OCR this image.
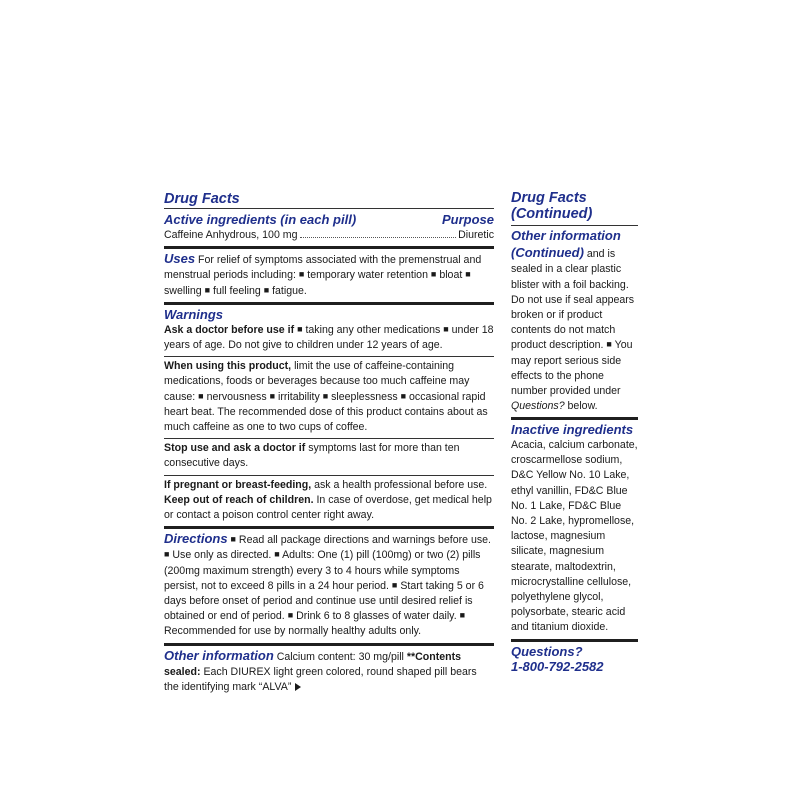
Drug Facts
Active ingredients (in each pill)	Purpose
Caffeine Anhydrous, 100 mg	Diuretic
Uses For relief of symptoms associated with the premenstrual and menstrual periods including: ■ temporary water retention ■ bloat ■ swelling ■ full feeling ■ fatigue.
Warnings
Ask a doctor before use if ■ taking any other medications ■ under 18 years of age. Do not give to children under 12 years of age.
When using this product, limit the use of caffeine-containing medications, foods or beverages because too much caffeine may cause: ■ nervousness ■ irritability ■ sleeplessness ■ occasional rapid heart beat. The recommended dose of this product contains about as much caffeine as one to two cups of coffee.
Stop use and ask a doctor if symptoms last for more than ten consecutive days.
If pregnant or breast-feeding, ask a health professional before use.
Keep out of reach of children. In case of overdose, get medical help or contact a poison control center right away.
Directions ■ Read all package directions and warnings before use. ■ Use only as directed. ■ Adults: One (1) pill (100mg) or two (2) pills (200mg maximum strength) every 3 to 4 hours while symptoms persist, not to exceed 8 pills in a 24 hour period. ■ Start taking 5 or 6 days before onset of period and continue use until desired relief is obtained or end of period. ■ Drink 6 to 8 glasses of water daily. ■ Recommended for use by normally healthy adults only.
Other information Calcium content: 30 mg/pill **Contents sealed: Each DIUREX light green colored, round shaped pill bears the identifying mark “ALVA”
Drug Facts
(Continued)
Other information (Continued) and is sealed in a clear plastic blister with a foil backing. Do not use if seal appears broken or if product contents do not match product description. ■ You may report serious side effects to the phone number provided under Questions? below.
Inactive ingredients
Acacia, calcium carbonate, croscarmellose sodium, D&C Yellow No. 10 Lake, ethyl vanillin, FD&C Blue No. 1 Lake, FD&C Blue No. 2 Lake, hypromellose, lactose, magnesium silicate, magnesium stearate, maltodextrin, microcrystalline cellulose, polyethylene glycol, polysorbate, stearic acid and titanium dioxide.
Questions?
1-800-792-2582
